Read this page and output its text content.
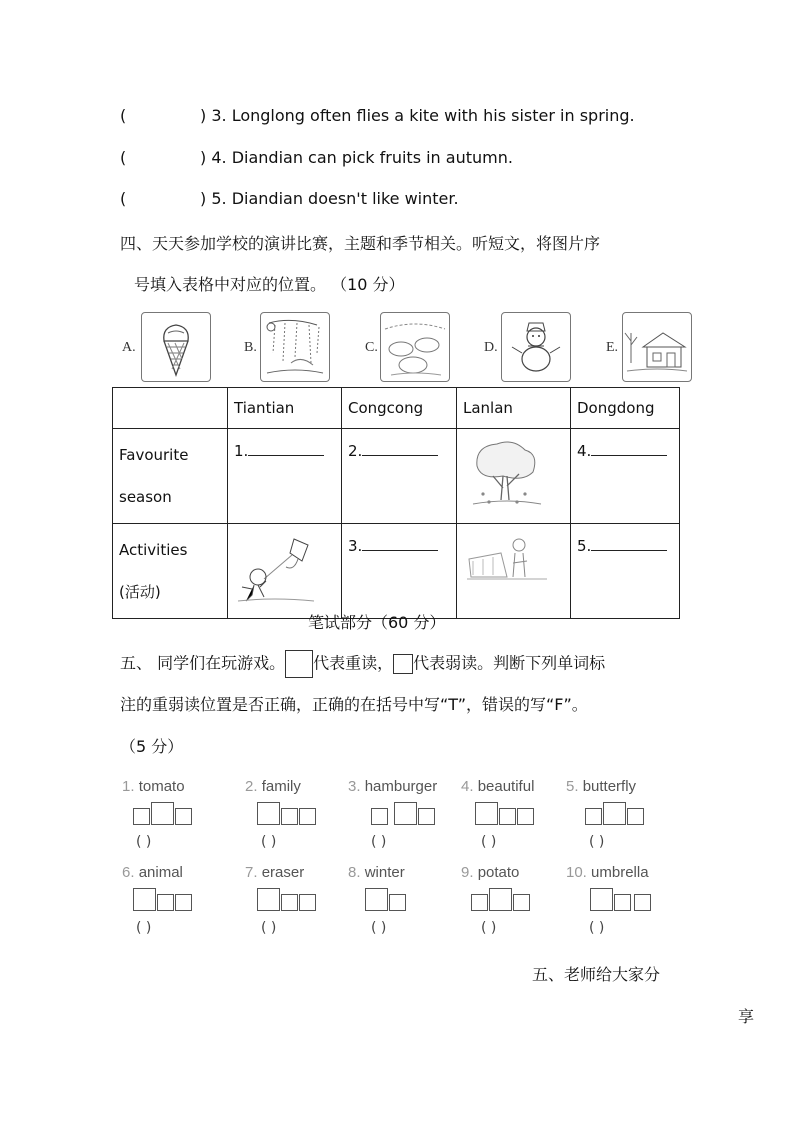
(	) 3. Longlong often flies a kite with his sister in spring.
(	) 4. Diandian can pick fruits in autumn.
(	) 5. Diandian doesn't like winter.
四、天天参加学校的演讲比赛，主题和季节相关。听短文，将图片序
号填入表格中对应的位置。 （10 分）
A.	B.	C.	D.	E.
	Tiantian	Congcong	Lanlan	Dongdong
Favourite
season	1.	2.		4.
Activities
(活动)		3.		5.
笔试部分（60 分）
五、 同学们在玩游戏。 代表重读， 代表弱读。判断下列单词标
注的重弱读位置是否正确，正确的在括号中写“T”，错误的写“F”。
（5 分）
1. tomato	2. family	3. hamburger 4. beautiful 5. butterfly
( )	( )	( )	( )	( )
6. animal	7. eraser	8. winter	9. potato	10. umbrella
( )	( )	( )	( )	( )
五、老师给大家分
享
